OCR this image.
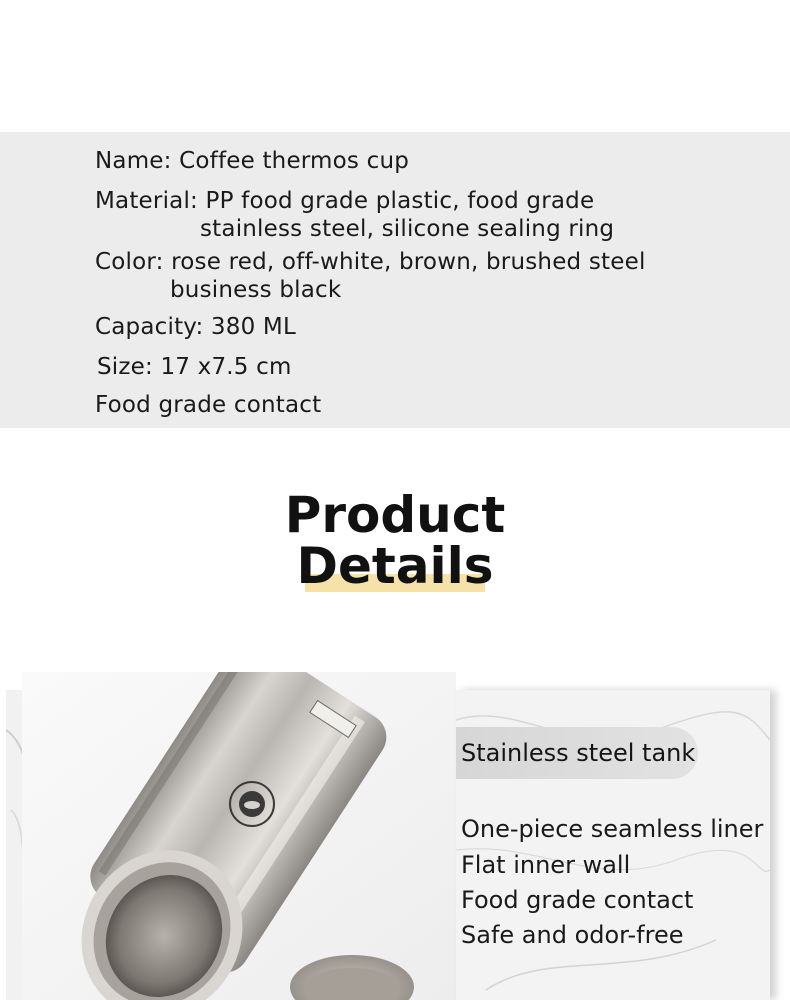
Name: Coffee thermos cup
Material: PP food grade plastic, food grade
stainless steel, silicone sealing ring
Color: rose red, off-white, brown, brushed steel
business black
Capacity: 380 ML
Size: 17 x7.5 cm
Food grade contact
Product
Details
Stainless steel tank
One-piece seamless liner
Flat inner wall
Food grade contact
Safe and odor-free
